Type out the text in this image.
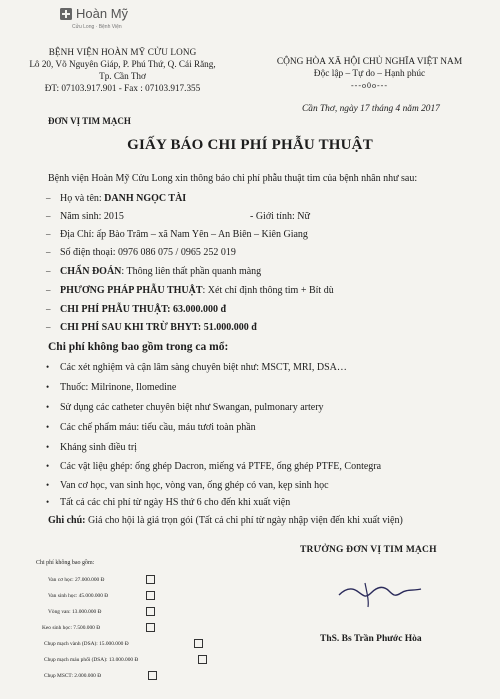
Hoàn Mỹ
Cửu Long · Bệnh Viện
BỆNH VIỆN HOÀN MỸ CỬU LONG
Lô 20, Võ Nguyên Giáp, P. Phú Thứ, Q. Cái Răng,
Tp. Cần Thơ
ĐT: 07103.917.901 - Fax : 07103.917.355
ĐƠN VỊ TIM MẠCH
CỘNG HÒA XÃ HỘI CHỦ NGHĨA VIỆT NAM
Độc lập – Tự do – Hạnh phúc
---o0o---
Cần Thơ, ngày 17 tháng 4 năm 2017
GIẤY BÁO CHI PHÍ PHẪU THUẬT
Bệnh viện Hoàn Mỹ Cửu Long xin thông báo chi phí phẫu thuật tim của bệnh nhân như sau:
– Họ và tên: DANH NGỌC TÀI
– Năm sinh: 2015	- Giới tính: Nữ
– Địa Chỉ: ấp Bào Trâm – xã Nam Yên – An Biên – Kiên Giang
– Số điện thoại: 0976 086 075 / 0965 252 019
– CHẨN ĐOÁN: Thông liên thất phần quanh màng
– PHƯƠNG PHÁP PHẪU THUẬT: Xét chỉ định thông tim + Bít dù
– CHI PHÍ PHẪU THUẬT: 63.000.000 đ
– CHI PHÍ SAU KHI TRỪ BHYT: 51.000.000 đ
Chi phí không bao gồm trong ca mổ:
• Các xét nghiệm và cận lâm sàng chuyên biệt như: MSCT, MRI, DSA…
• Thuốc: Milrinone, Ilomedine
• Sử dụng các catheter chuyên biệt như Swangan, pulmonary artery
• Các chế phẩm máu: tiểu cầu, máu tươi toàn phần
• Kháng sinh điều trị
• Các vật liệu ghép: ống ghép Dacron, miếng vá PTFE, ống ghép PTFE, Contegra
• Van cơ học, van sinh học, vòng van, ống ghép có van, kẹp sinh học
• Tất cả các chi phí từ ngày HS thứ 6 cho đến khi xuất viện
Ghi chú: Giá cho hội là giá trọn gói (Tất cả chi phí từ ngày nhập viện đến khi xuất viện)
TRƯỞNG ĐƠN VỊ TIM MẠCH
ThS. Bs Trần Phước Hòa
Chi phí không bao gồm:
Van cơ học: 27.000.000 Đ
Van sinh học: 45.000.000 Đ
Vòng van: 13.000.000 Đ
Keo sinh học: 7.500.000 Đ
Chụp mạch vành (DSA): 15.000.000 Đ
Chụp mạch máu phổi (DSA): 13.000.000 Đ
Chụp MSCT: 2.000.000 Đ
